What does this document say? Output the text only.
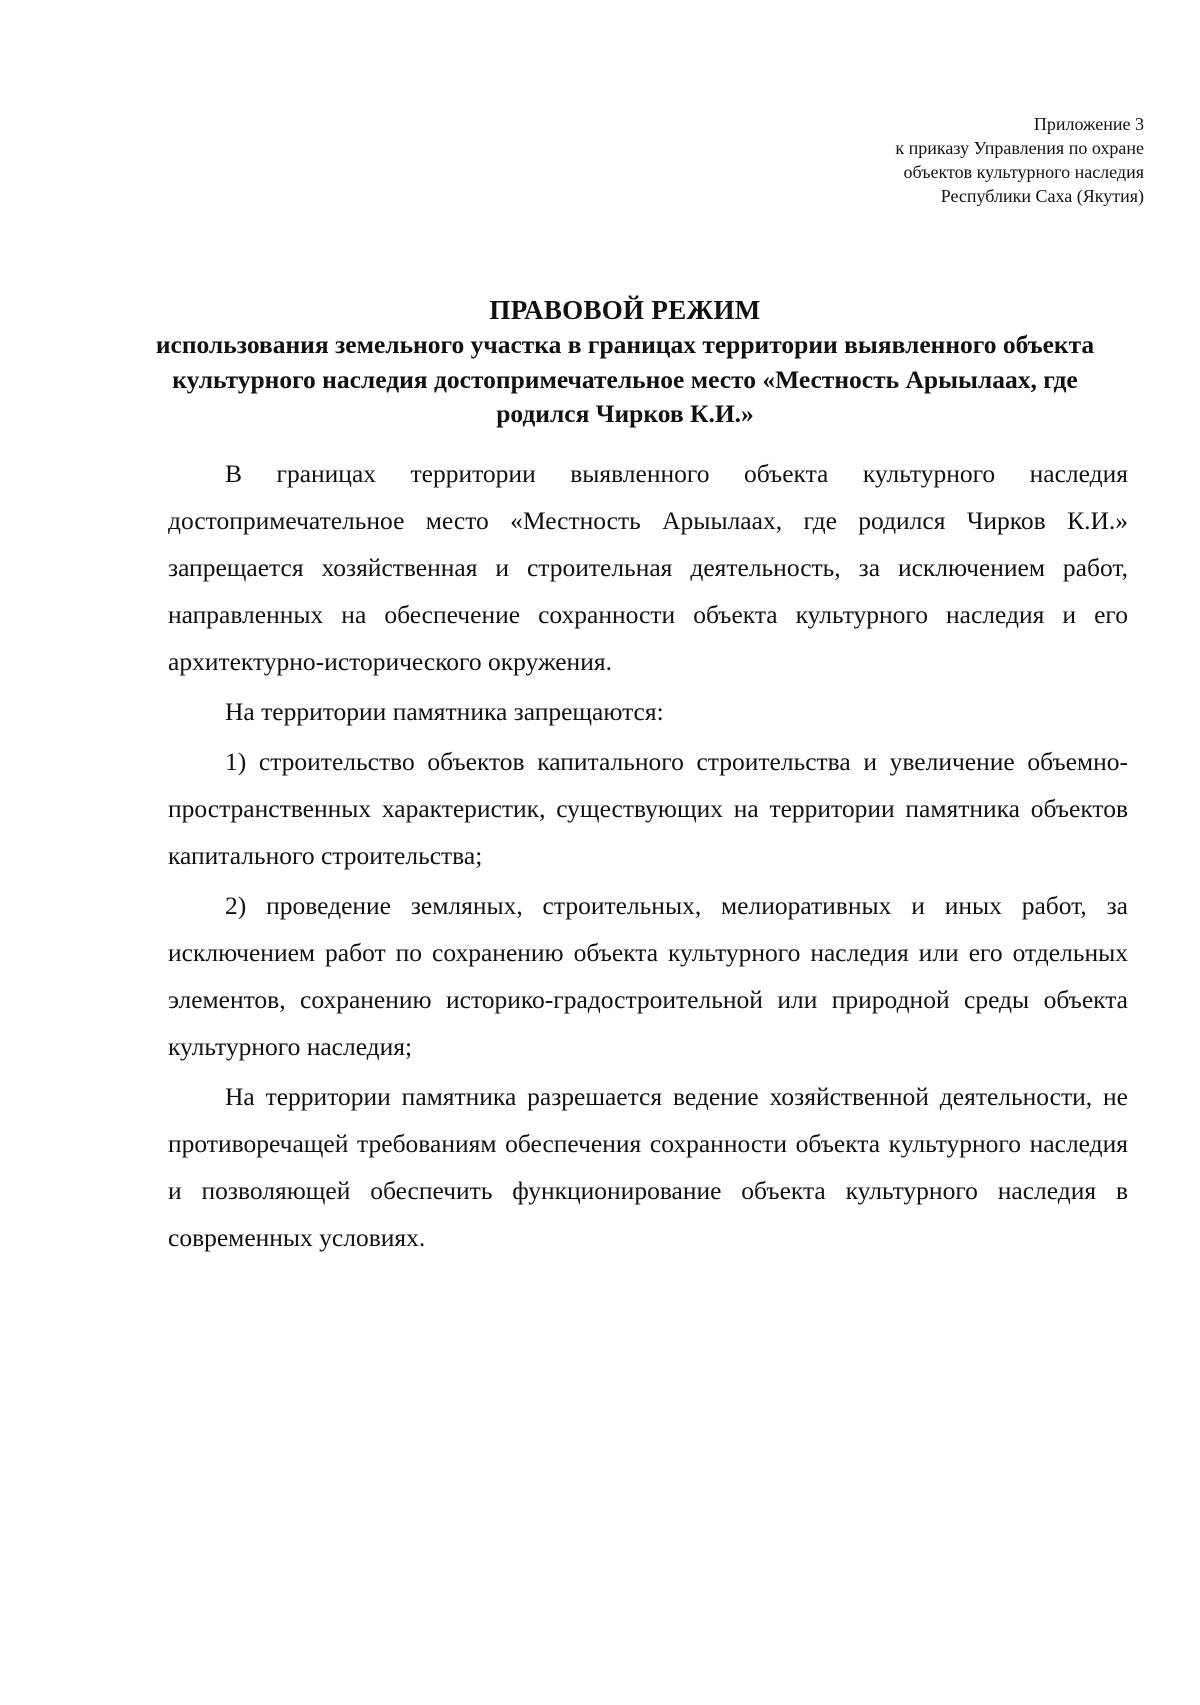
Приложение 3
к приказу Управления по охране
объектов культурного наследия
Республики Саха (Якутия)
ПРАВОВОЙ РЕЖИМ
использования земельного участка в границах территории выявленного объекта культурного наследия достопримечательное место «Местность Арыылаах, где родился Чирков К.И.»

В границах территории выявленного объекта культурного наследия достопримечательное место «Местность Арыылаах, где родился Чирков К.И.» запрещается хозяйственная и строительная деятельность, за исключением работ, направленных на обеспечение сохранности объекта культурного наследия и его архитектурно-исторического окружения.

На территории памятника запрещаются:

1) строительство объектов капитального строительства и увеличение объемно-пространственных характеристик, существующих на территории памятника объектов капитального строительства;

2) проведение земляных, строительных, мелиоративных и иных работ, за исключением работ по сохранению объекта культурного наследия или его отдельных элементов, сохранению историко-градостроительной или природной среды объекта культурного наследия;

На территории памятника разрешается ведение хозяйственной деятельности, не противоречащей требованиям обеспечения сохранности объекта культурного наследия и позволяющей обеспечить функционирование объекта культурного наследия в современных условиях.
